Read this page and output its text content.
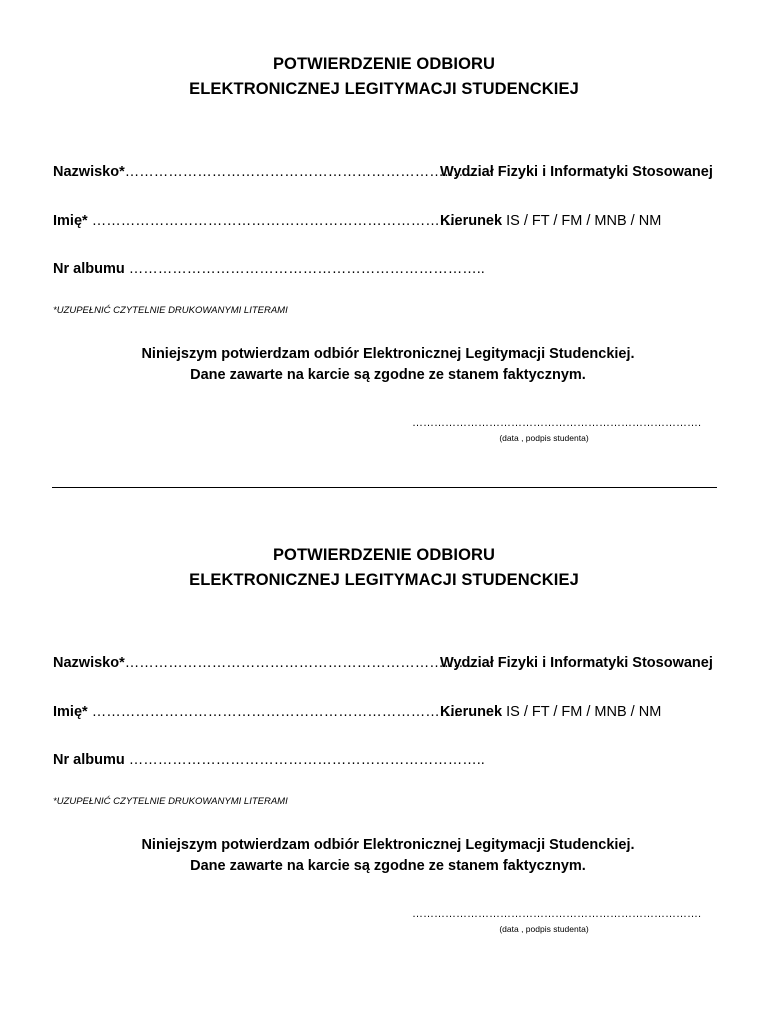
POTWIERDZENIE ODBIORU
ELEKTRONICZNEJ LEGITYMACJI STUDENCKIEJ
Nazwisko*………………………………………………………………….
Wydział Fizyki i Informatyki Stosowanej
Imię* ………………………………………………………………….
Kierunek IS / FT / FM / MNB / NM
Nr albumu ………………………………………………………………..
*UZUPEŁNIĆ CZYTELNIE DRUKOWANYMI LITERAMI
Niniejszym potwierdzam odbiór Elektronicznej Legitymacji Studenckiej.
Dane zawarte na karcie są zgodne ze stanem faktycznym.
…………………………………………………………………….
(data , podpis studenta)
POTWIERDZENIE ODBIORU
ELEKTRONICZNEJ LEGITYMACJI STUDENCKIEJ
Nazwisko*………………………………………………………………….
Wydział Fizyki i Informatyki Stosowanej
Imię* ………………………………………………………………….
Kierunek IS / FT / FM / MNB / NM
Nr albumu ………………………………………………………………..
*UZUPEŁNIĆ CZYTELNIE DRUKOWANYMI LITERAMI
Niniejszym potwierdzam odbiór Elektronicznej Legitymacji Studenckiej.
Dane zawarte na karcie są zgodne ze stanem faktycznym.
…………………………………………………………………….
(data , podpis studenta)
